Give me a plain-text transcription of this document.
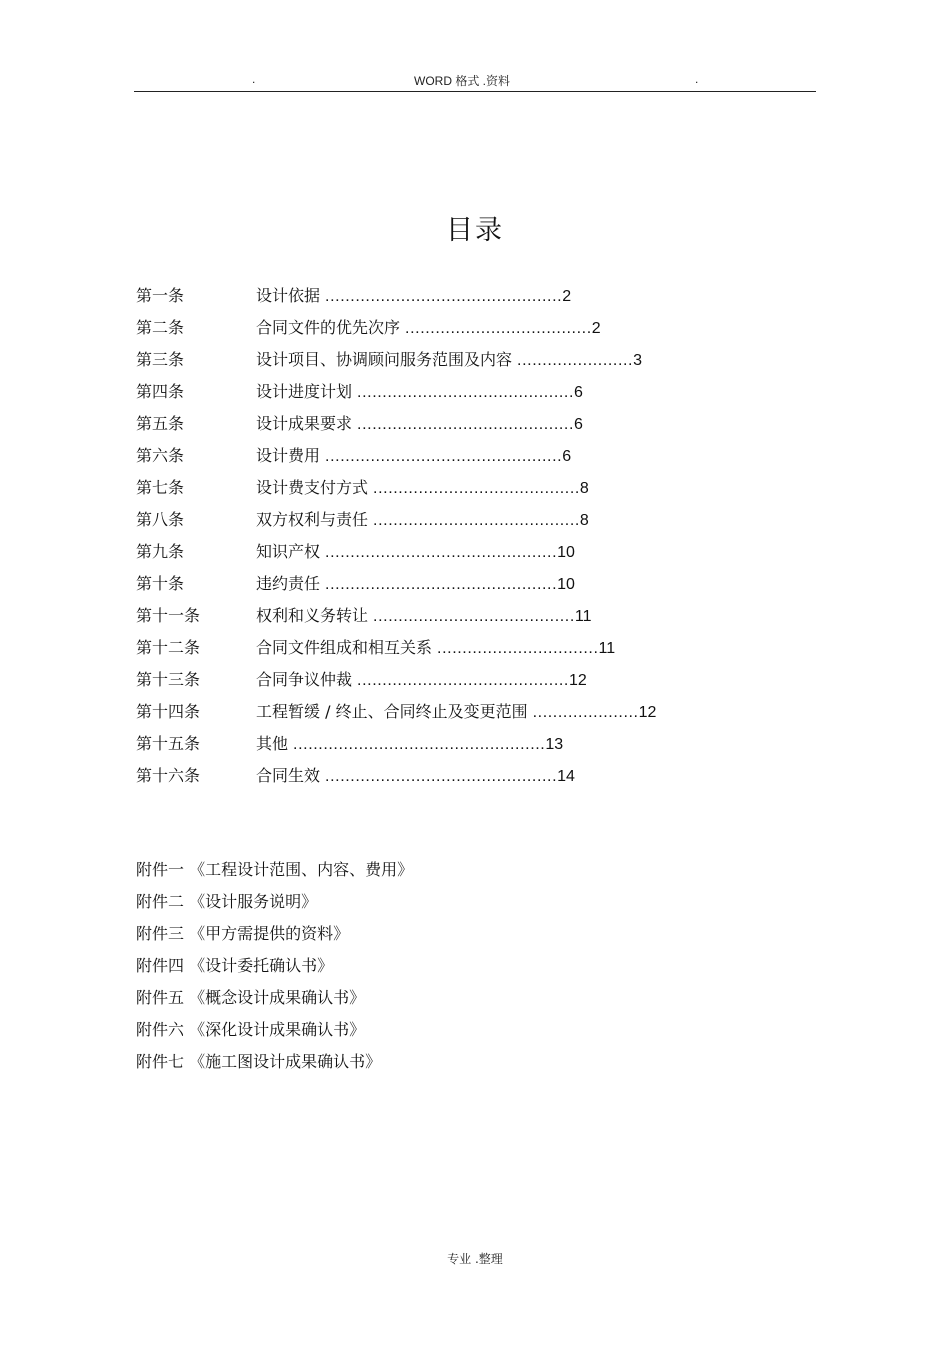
.	WORD 格式 .资料	.
目录
第一条	设计依据 ...............................................2
第二条	合同文件的优先次序 .....................................2
第三条	设计项目、协调顾问服务范围及内容 .......................3
第四条	设计进度计划 ...........................................6
第五条	设计成果要求 ...........................................6
第六条	设计费用 ...............................................6
第七条	设计费支付方式 .........................................8
第八条	双方权利与责任 .........................................8
第九条	知识产权 ..............................................10
第十条	违约责任 ..............................................10
第十一条	权利和义务转让 ........................................11
第十二条	合同文件组成和相互关系 ................................11
第十三条	合同争议仲裁 ..........................................12
第十四条	工程暂缓 / 终止、合同终止及变更范围 .....................12
第十五条	其他 ..................................................13
第十六条	合同生效 ..............................................14
附件一 《工程设计范围、内容、费用》
附件二 《设计服务说明》
附件三 《甲方需提供的资料》
附件四 《设计委托确认书》
附件五 《概念设计成果确认书》
附件六 《深化设计成果确认书》
附件七 《施工图设计成果确认书》
专业 .整理
